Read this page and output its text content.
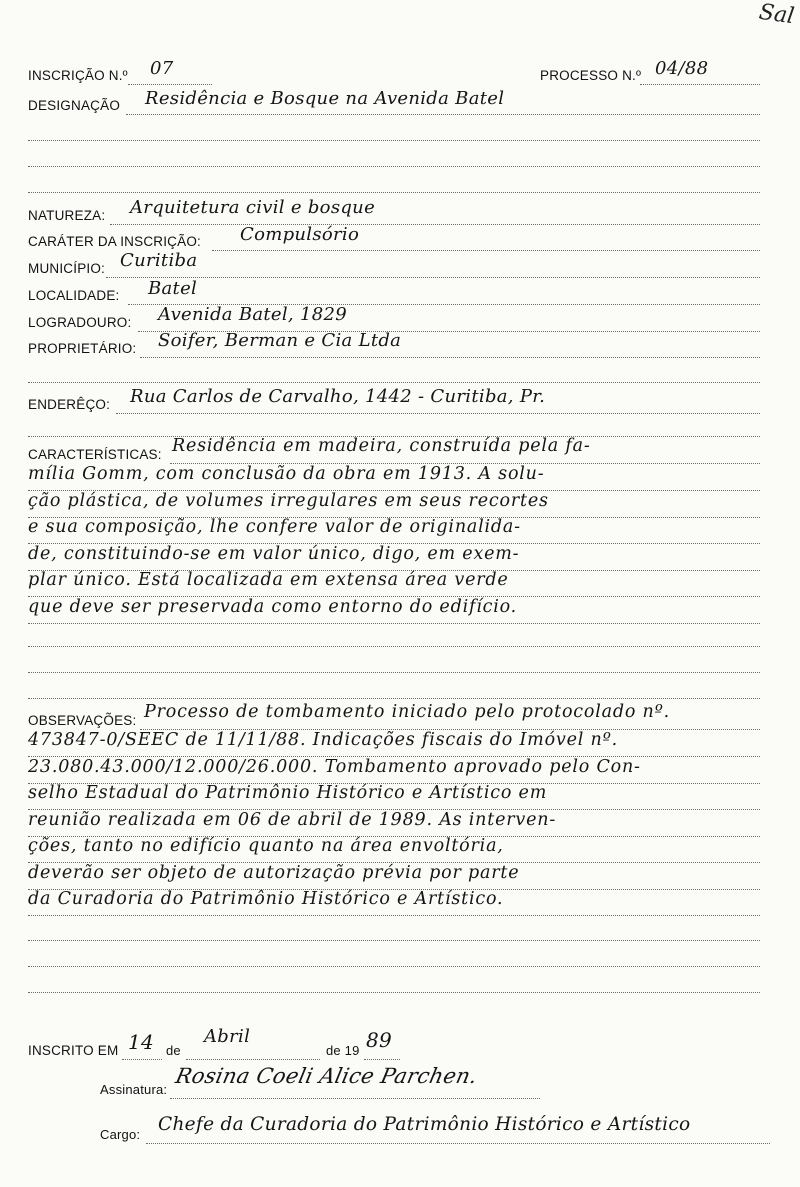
Sal
INSCRIÇÃO N.º 07	PROCESSO N.º 04/88
DESIGNAÇÃO Residência e Bosque na Avenida Batel
NATUREZA: Arquitetura civil e bosque
CARÁTER DA INSCRIÇÃO: Compulsório
MUNICÍPIO: Curitiba
LOCALIDADE: Batel
LOGRADOURO: Avenida Batel, 1829
PROPRIETÁRIO: Soifer, Berman e Cia Ltda
ENDERÊÇO: Rua Carlos de Carvalho, 1442 - Curitiba, Pr.
CARACTERÍSTICAS: Residência em madeira, construída pela fa-
mília Gomm, com conclusão da obra em 1913. A solu-
ção plástica, de volumes irregulares em seus recortes
e sua composição, lhe confere valor de originalida-
de, constituindo-se em valor único, digo, em exem-
plar único. Está localizada em extensa área verde
que deve ser preservada como entorno do edifício.
OBSERVAÇÕES: Processo de tombamento iniciado pelo protocolado nº.
473847-0/SEEC de 11/11/88. Indicações fiscais do Imóvel nº.
23.080.43.000/12.000/26.000. Tombamento aprovado pelo Con-
selho Estadual do Patrimônio Histórico e Artístico em
reunião realizada em 06 de abril de 1989. As interven-
ções, tanto no edifício quanto na área envoltória,
deverão ser objeto de autorização prévia por parte
da Curadoria do Patrimônio Histórico e Artístico.
INSCRITO EM 14 de
Abril
de 19 89
Assinatura:
Rosina Coeli Alice Parchen.
Cargo: Chefe da Curadoria do Patrimônio Histórico e Artístico
